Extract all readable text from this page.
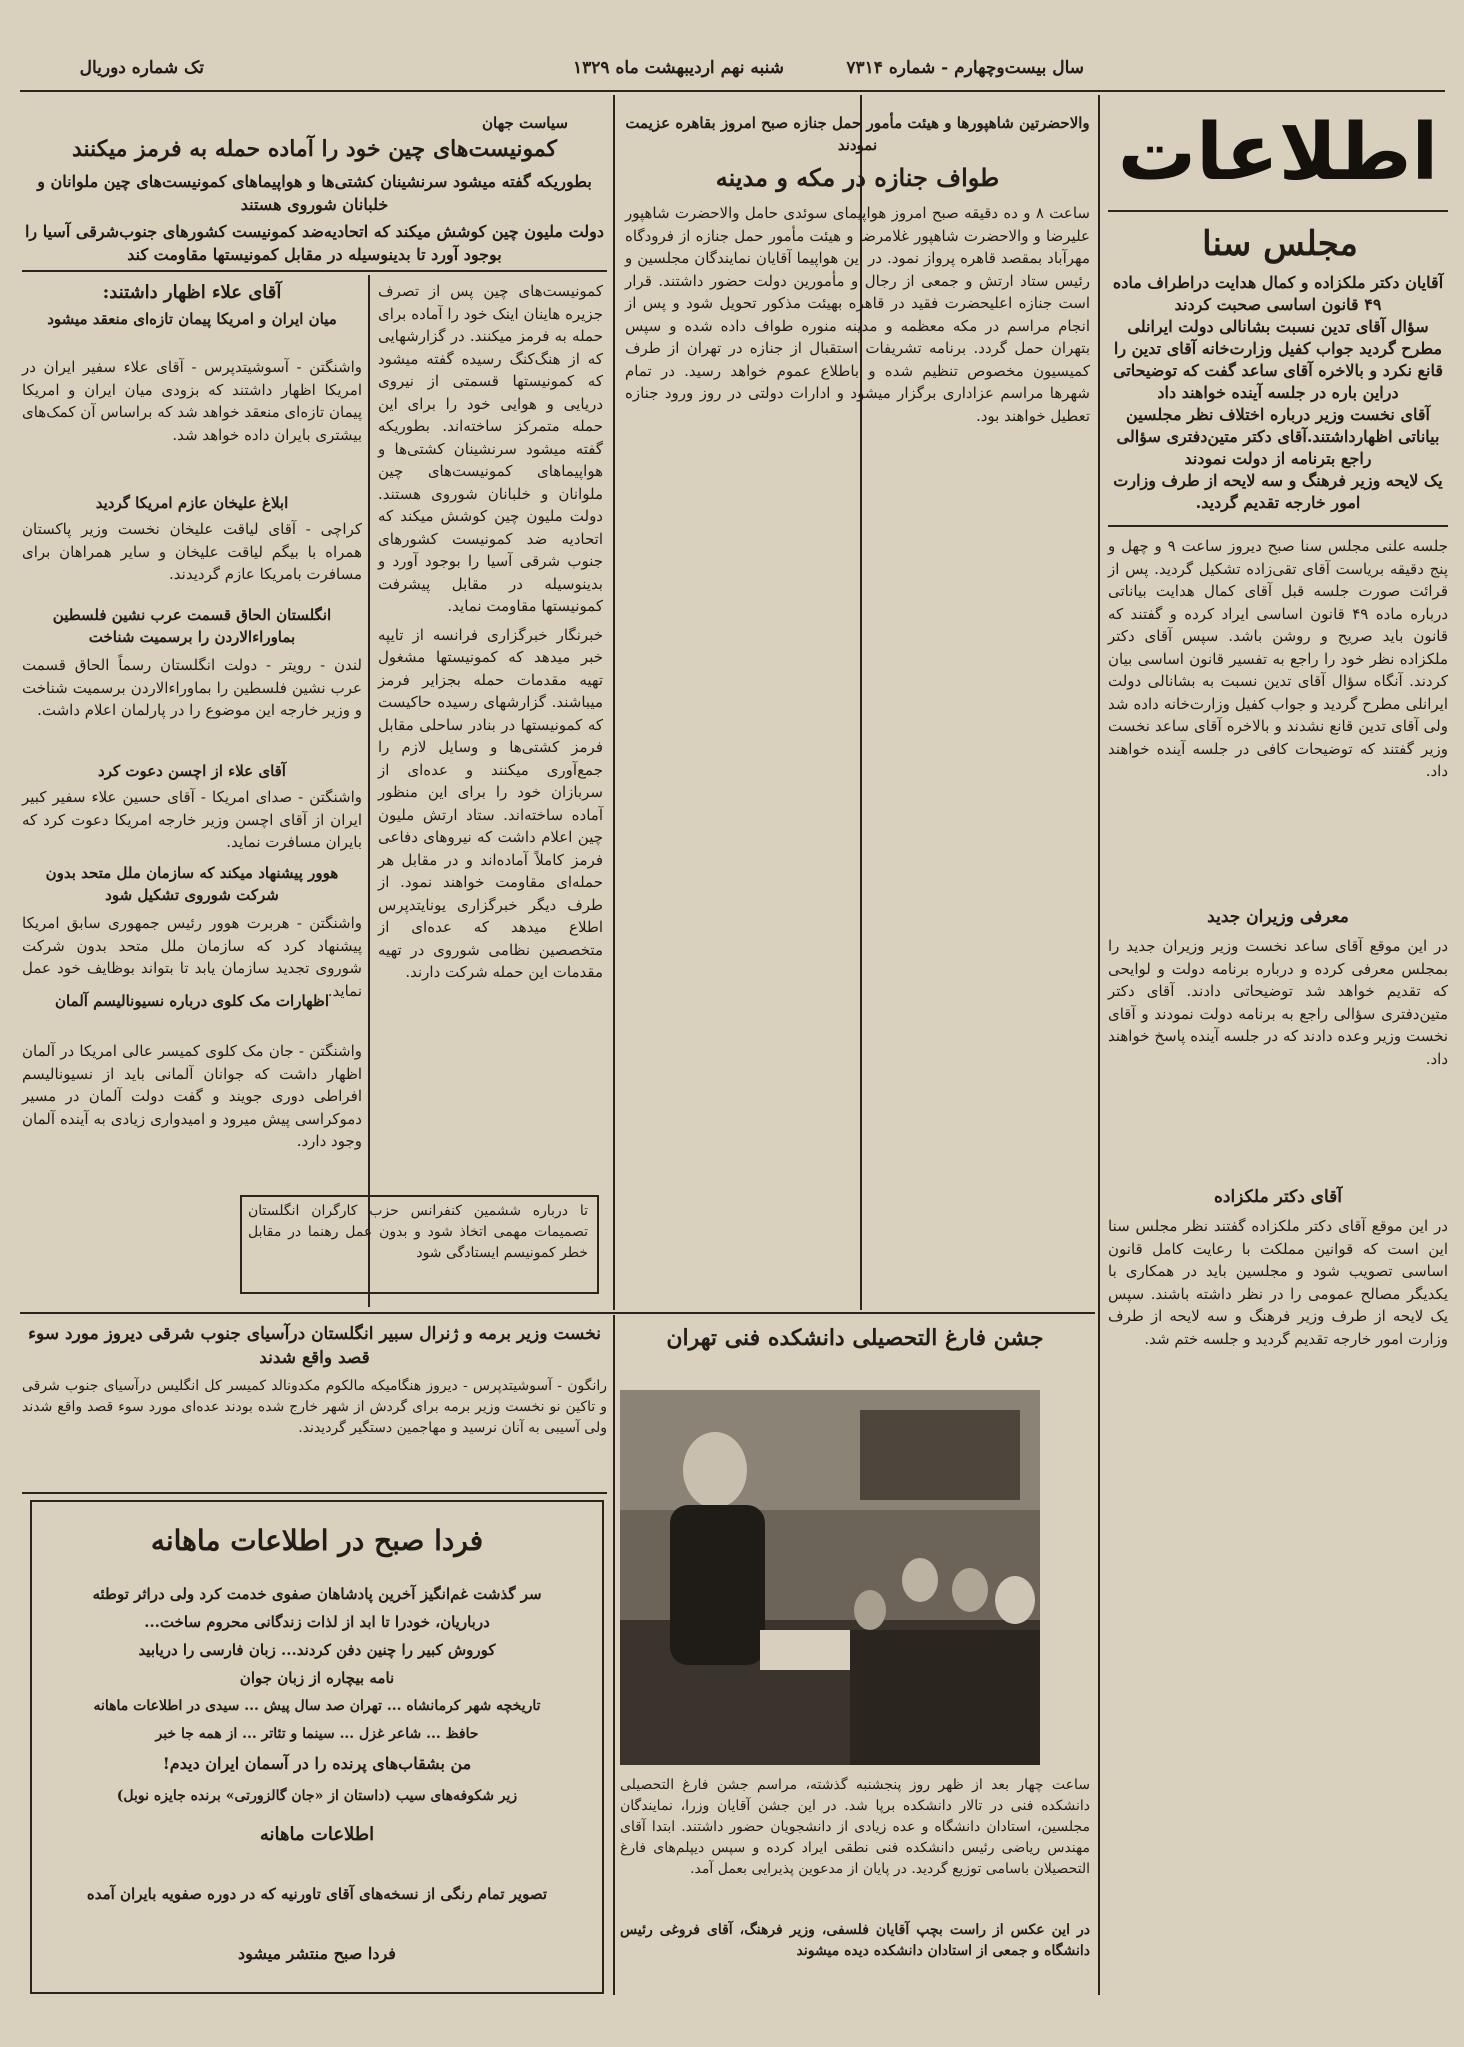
سال بیست‌وچهارم - شماره ۷۳۱۴
شنبه نهم اردیبهشت ماه ۱۳۲۹
تک شماره دوریال
اطلاعات
مجلس سنا
آقایان دکتر ملکزاده و کمال هدایت دراطراف ماده
۴۹ قانون اساسی صحبت کردند
سؤال آقای تدین نسبت بشانالی دولت ایرانلی
مطرح گردید جواب کفیل وزارت‌خانه آقای تدین را
قانع نکرد و بالاخره آقای ساعد گفت که توضیحاتی
دراین باره در جلسه آینده خواهند داد
آقای نخست وزیر درباره اختلاف نظر مجلسین
بیاناتی اظهارداشتند.آقای دکتر متین‌دفتری سؤالی
راجع بترنامه از دولت نمودند
یک لایحه وزیر فرهنگ و سه لایحه از طرف وزارت
امور خارجه تقدیم گردید.
جلسه علنی مجلس سنا صبح دیروز ساعت ۹ و چهل و پنج دقیقه بریاست آقای تقی‌زاده تشکیل گردید. پس از قرائت صورت جلسه قبل آقای کمال هدایت بیاناتی درباره ماده ۴۹ قانون اساسی ایراد کرده و گفتند که قانون باید صریح و روشن باشد. سپس آقای دکتر ملکزاده نظر خود را راجع به تفسیر قانون اساسی بیان کردند. آنگاه سؤال آقای تدین نسبت به بشانالی دولت ایرانلی مطرح گردید و جواب کفیل وزارت‌خانه داده شد ولی آقای تدین قانع نشدند و بالاخره آقای ساعد نخست وزیر گفتند که توضیحات کافی در جلسه آینده خواهند داد.
معرفی وزیران جدید
در این موقع آقای ساعد نخست وزیر وزیران جدید را بمجلس معرفی کرده و درباره برنامه دولت و لوایحی که تقدیم خواهد شد توضیحاتی دادند. آقای دکتر متین‌دفتری سؤالی راجع به برنامه دولت نمودند و آقای نخست وزیر وعده دادند که در جلسه آینده پاسخ خواهند داد.
آقای دکتر ملکزاده
در این موقع آقای دکتر ملکزاده گفتند نظر مجلس سنا این است که قوانین مملکت با رعایت کامل قانون اساسی تصویب شود و مجلسین باید در همکاری با یکدیگر مصالح عمومی را در نظر داشته باشند. سپس یک لایحه از طرف وزیر فرهنگ و سه لایحه از طرف وزارت امور خارجه تقدیم گردید و جلسه ختم شد.
والاحضرتین شاهپورها و هیئت مأمور حمل جنازه صبح امروز بقاهره عزیمت نمودند
طواف جنازه در مکه و مدینه
ساعت ۸ و ده دقیقه صبح امروز هواپیمای سوئدی حامل والاحضرت شاهپور علیرضا و والاحضرت شاهپور غلامرضا و هیئت مأمور حمل جنازه از فرودگاه مهرآباد بمقصد قاهره پرواز نمود. در این هواپیما آقایان نمایندگان مجلسین و رئیس ستاد ارتش و جمعی از رجال و مأمورین دولت حضور داشتند. قرار است جنازه اعلیحضرت فقید در قاهره بهیئت مذکور تحویل شود و پس از انجام مراسم در مکه معظمه و مدینه منوره طواف داده شده و سپس بتهران حمل گردد. برنامه تشریفات استقبال از جنازه در تهران از طرف کمیسیون مخصوص تنظیم شده و باطلاع عموم خواهد رسید. در تمام شهرها مراسم عزاداری برگزار میشود و ادارات دولتی در روز ورود جنازه تعطیل خواهند بود.
سیاست جهان
کمونیست‌های چین خود را آماده حمله به فرمز میکنند
بطوریکه گفته میشود سرنشینان کشتی‌ها و هواپیماهای کمونیست‌های چین ملوانان و خلبانان شوروی هستند
دولت ملیون چین کوشش میکند که اتحادیه‌ضد کمونیست کشورهای جنوب‌شرقی آسیا را بوجود آورد تا بدینوسیله در مقابل کمونیستها مقاومت کند
آقای علاء اظهار داشتند:
میان ایران و امریکا پیمان تازه‌ای منعقد میشود
واشنگتن - آسوشیتدپرس - آقای علاء سفیر ایران در امریکا اظهار داشتند که بزودی میان ایران و امریکا پیمان تازه‌ای منعقد خواهد شد که براساس آن کمک‌های بیشتری بایران داده خواهد شد.
ابلاغ علیخان عازم امریکا گردید
کراچی - آقای لیاقت علیخان نخست وزیر پاکستان همراه با بیگم لیاقت علیخان و سایر همراهان برای مسافرت بامریکا عازم گردیدند.
انگلستان الحاق قسمت عرب نشین فلسطین بماوراءالاردن را برسمیت شناخت
لندن - رویتر - دولت انگلستان رسماً الحاق قسمت عرب نشین فلسطین را بماوراءالاردن برسمیت شناخت و وزیر خارجه این موضوع را در پارلمان اعلام داشت.
آقای علاء از اچسن دعوت کرد
واشنگتن - صدای امریکا - آقای حسین علاء سفیر کبیر ایران از آقای اچسن وزیر خارجه امریکا دعوت کرد که بایران مسافرت نماید.
هوور پیشنهاد میکند که سازمان ملل متحد بدون شرکت شوروی تشکیل شود
واشنگتن - هربرت هوور رئیس جمهوری سابق امریکا پیشنهاد کرد که سازمان ملل متحد بدون شرکت شوروی تجدید سازمان یابد تا بتواند بوظایف خود عمل نماید.
اظهارات مک کلوی درباره نسیونالیسم آلمان
واشنگتن - جان مک کلوی کمیسر عالی امریکا در آلمان اظهار داشت که جوانان آلمانی باید از نسیونالیسم افراطی دوری جویند و گفت دولت آلمان در مسیر دموکراسی پیش میرود و امیدواری زیادی به آینده آلمان وجود دارد.

کمونیست‌های چین پس از تصرف جزیره هاینان اینک خود را آماده برای حمله به فرمز میکنند. در گزارشهایی که از هنگ‌کنگ رسیده گفته میشود که کمونیستها قسمتی از نیروی دریایی و هوایی خود را برای این حمله متمرکز ساخته‌اند. بطوریکه گفته میشود سرنشینان کشتی‌ها و هواپیماهای کمونیست‌های چین ملوانان و خلبانان شوروی هستند. دولت ملیون چین کوشش میکند که اتحادیه ضد کمونیست کشورهای جنوب شرقی آسیا را بوجود آورد و بدینوسیله در مقابل پیشرفت کمونیستها مقاومت نماید.

خبرنگار خبرگزاری فرانسه از تایپه خبر میدهد که کمونیستها مشغول تهیه مقدمات حمله بجزایر فرمز میباشند. گزارشهای رسیده حاکیست که کمونیستها در بنادر ساحلی مقابل فرمز کشتی‌ها و وسایل لازم را جمع‌آوری میکنند و عده‌ای از سربازان خود را برای این منظور آماده ساخته‌اند. ستاد ارتش ملیون چین اعلام داشت که نیروهای دفاعی فرمز کاملاً آماده‌اند و در مقابل هر حمله‌ای مقاومت خواهند نمود. از طرف دیگر خبرگزاری یونایتدپرس اطلاع میدهد که عده‌ای از متخصصین نظامی شوروی در تهیه مقدمات این حمله شرکت دارند.

تا درباره ششمین کنفرانس حزب کارگران انگلستان تصمیمات مهمی اتخاذ شود و بدون عمل رهنما در مقابل خطر کمونیسم ایستادگی شود
نخست وزیر برمه و ژنرال سبیر انگلستان درآسیای جنوب شرقی دیروز مورد سوء قصد واقع شدند
رانگون - آسوشیتدپرس - دیروز هنگامیکه مالکوم مکدونالد کمیسر کل انگلیس درآسیای جنوب شرقی و تاکین نو نخست وزیر برمه برای گردش از شهر خارج شده بودند عده‌ای مورد سوء قصد واقع شدند ولی آسیبی به آنان نرسید و مهاجمین دستگیر گردیدند.
فردا صبح در اطلاعات ماهانه
سر گذشت غم‌انگیز آخرین پادشاهان صفوی خدمت کرد ولی دراثر توطئه
درباریان، خودرا تا ابد از لذات زندگانی محروم ساخت...
کوروش کبیر را چنین دفن کردند... زبان فارسی را دریابید
نامه بیچاره از زبان جوان
تاریخچه شهر کرمانشاه ... تهران صد سال پیش ... سیدی در اطلاعات ماهانه
حافظ ... شاعر غزل ... سینما و تئاتر ... از همه جا خبر
من بشقاب‌های پرنده را در آسمان ایران دیدم!
زیر شکوفه‌های سیب (داستان از «جان گالزورتی» برنده جایزه نوبل)
اطلاعات ماهانه
تصویر تمام رنگی از نسخه‌های آقای تاورنیه که در دوره صفویه بایران آمده
فردا صبح منتشر میشود
جشن فارغ التحصیلی دانشکده فنی تهران
ساعت چهار بعد از ظهر روز پنجشنبه گذشته، مراسم جشن فارغ التحصیلی دانشکده فنی در تالار دانشکده برپا شد. در این جشن آقایان وزرا، نمایندگان مجلسین، استادان دانشگاه و عده زیادی از دانشجویان حضور داشتند. ابتدا آقای مهندس ریاضی رئیس دانشکده فنی نطقی ایراد کرده و سپس دیپلم‌های فارغ التحصیلان باسامی توزیع گردید. در پایان از مدعوین پذیرایی بعمل آمد.
در این عکس از راست بچپ آقایان فلسفی، وزیر فرهنگ، آقای فروغی رئیس دانشگاه و جمعی از استادان دانشکده دیده میشوند
